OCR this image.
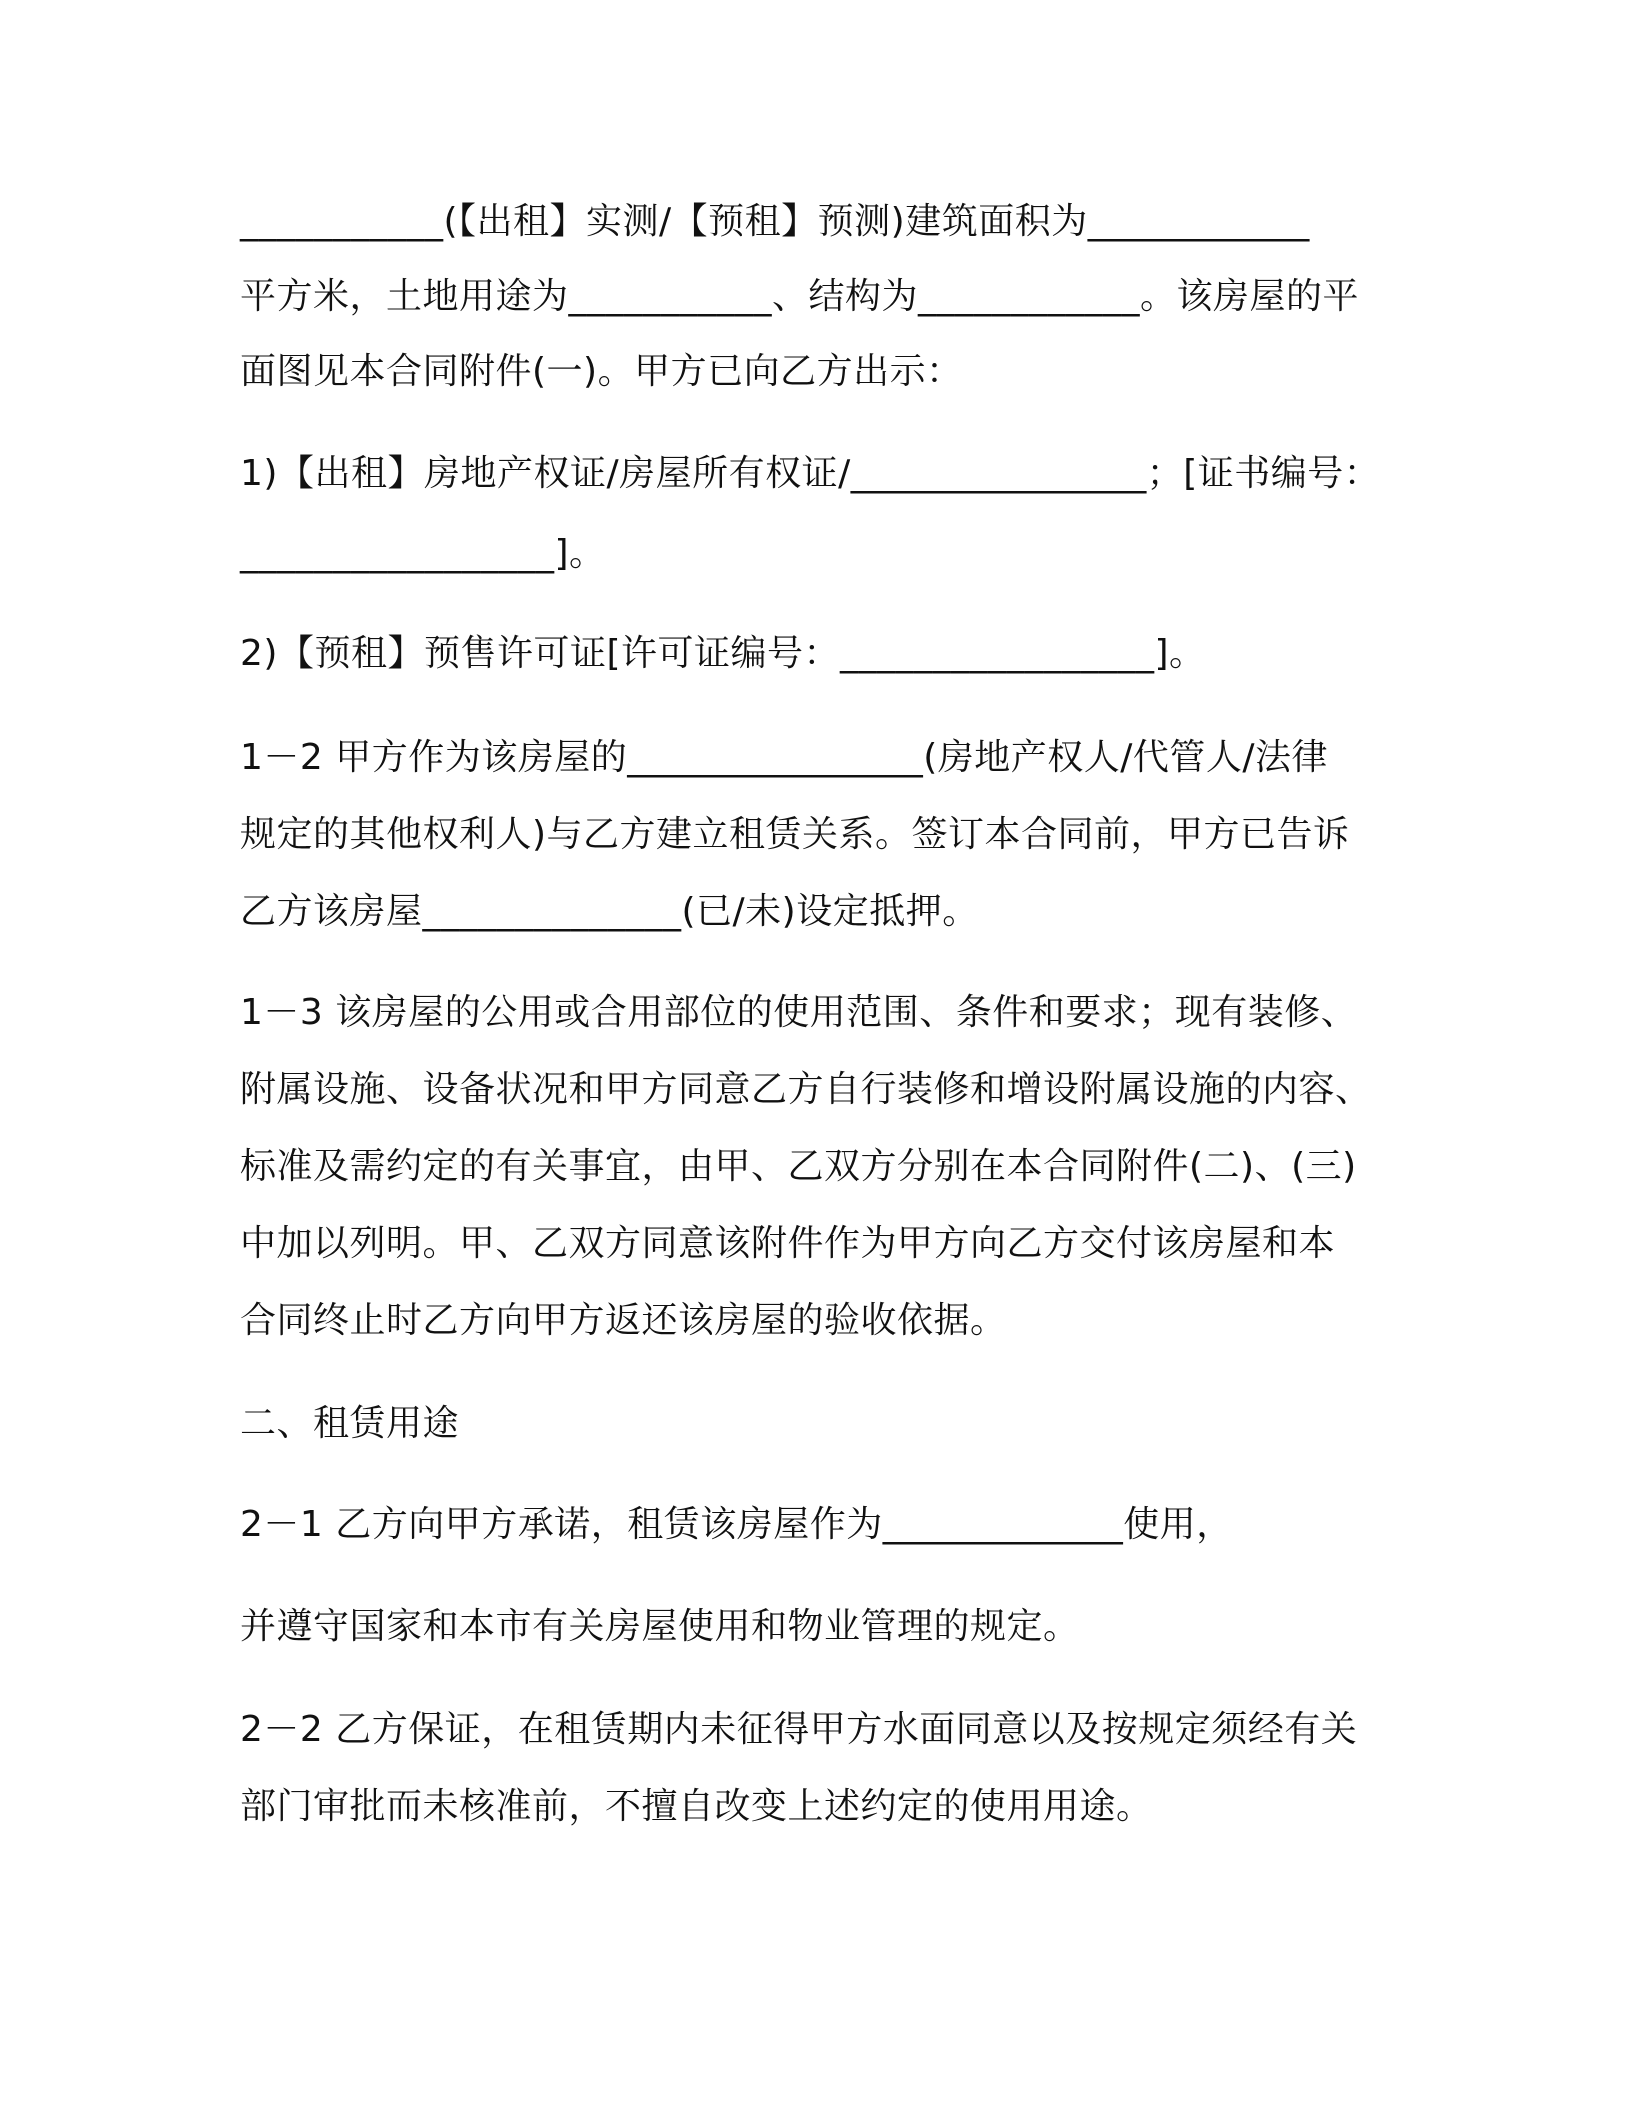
___________(【出租】实测/【预租】预测)建筑面积为____________
平方米，土地用途为___________、结构为____________。该房屋的平
面图见本合同附件(一)。甲方已向乙方出示：
1)【出租】房地产权证/房屋所有权证/________________；[证书编号：
_________________]。
2)【预租】预售许可证[许可证编号：_________________]。
1－2 甲方作为该房屋的________________(房地产权人/代管人/法律
规定的其他权利人)与乙方建立租赁关系。签订本合同前，甲方已告诉
乙方该房屋______________(已/未)设定抵押。
1－3 该房屋的公用或合用部位的使用范围、条件和要求；现有装修、
附属设施、设备状况和甲方同意乙方自行装修和增设附属设施的内容、
标准及需约定的有关事宜，由甲、乙双方分别在本合同附件(二)、(三)
中加以列明。甲、乙双方同意该附件作为甲方向乙方交付该房屋和本
合同终止时乙方向甲方返还该房屋的验收依据。
二、租赁用途
2－1 乙方向甲方承诺，租赁该房屋作为_____________使用，
并遵守国家和本市有关房屋使用和物业管理的规定。
2－2 乙方保证，在租赁期内未征得甲方水面同意以及按规定须经有关
部门审批而未核准前，不擅自改变上述约定的使用用途。
